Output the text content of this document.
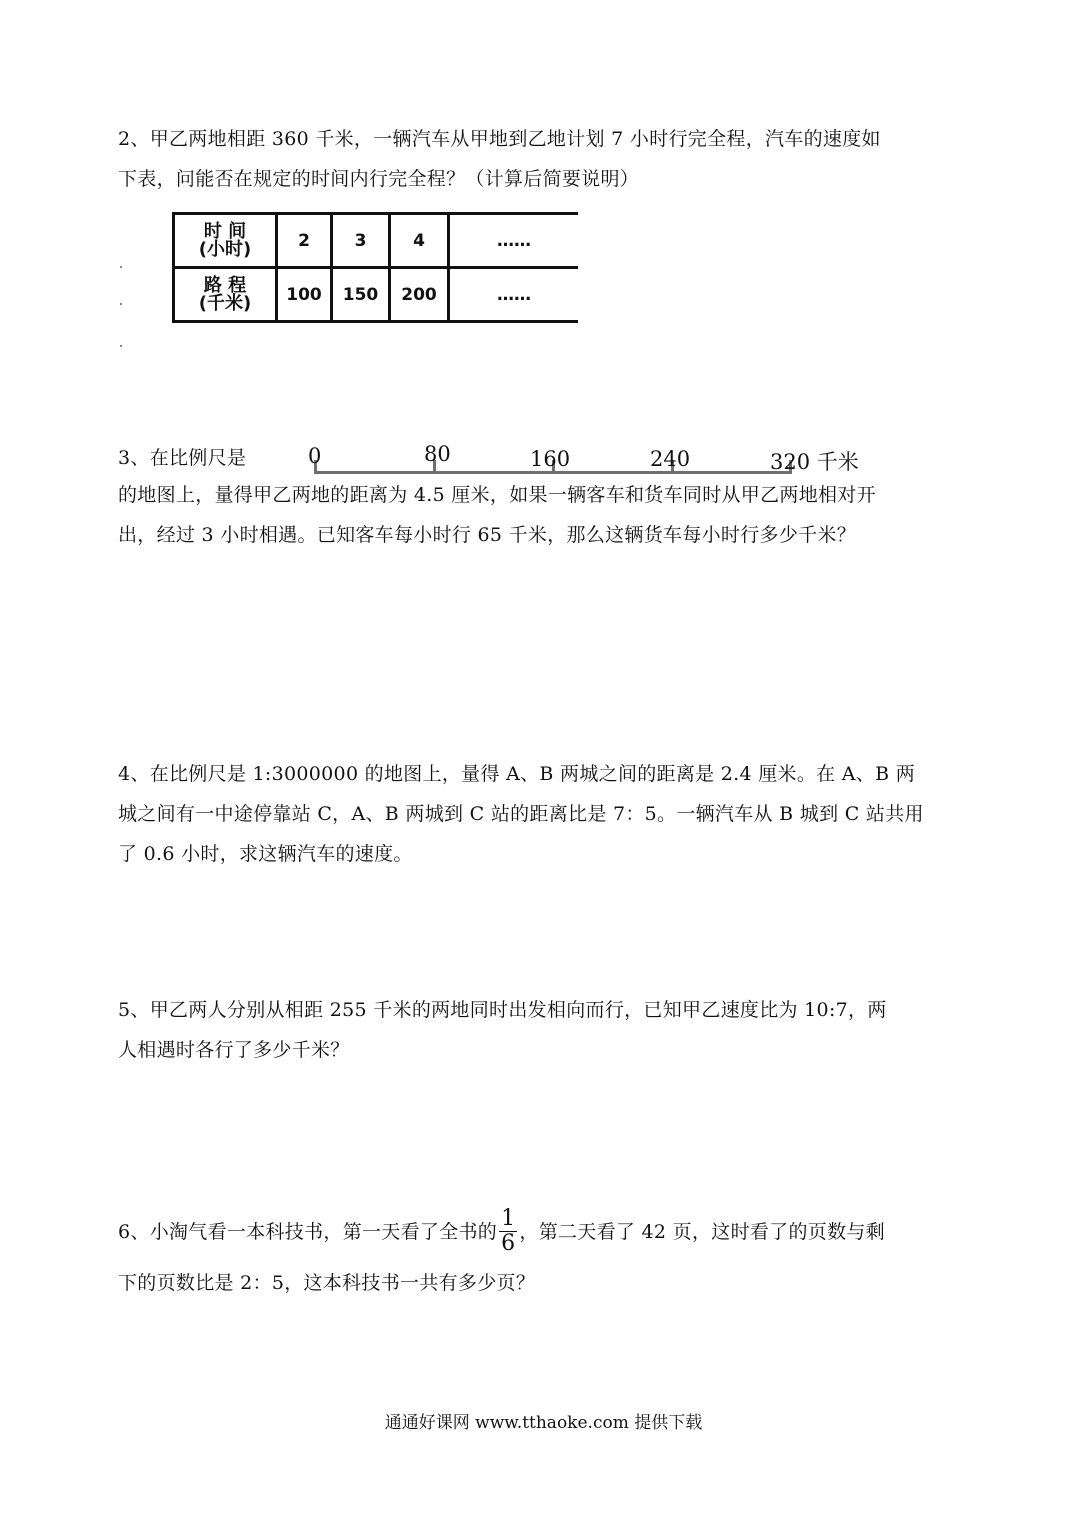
2、甲乙两地相距 360 千米，一辆汽车从甲地到乙地计划 7 小时行完全程，汽车的速度如
下表，问能否在规定的时间内行完全程？（计算后简要说明）
时 间
(小时)	2	3	4	……

路 程
(千米)	100	150	200	……
3、在比例尺是	0	80	160	240	320 千米
的地图上，量得甲乙两地的距离为 4.5 厘米，如果一辆客车和货车同时从甲乙两地相对开
出，经过 3 小时相遇。已知客车每小时行 65 千米，那么这辆货车每小时行多少千米？
4、在比例尺是 1:3000000 的地图上，量得 A、B 两城之间的距离是 2.4 厘米。在 A、B 两
城之间有一中途停靠站 C，A、B 两城到 C 站的距离比是 7：5。一辆汽车从 B 城到 C 站共用
了 0.6 小时，求这辆汽车的速度。
5、甲乙两人分别从相距 255 千米的两地同时出发相向而行，已知甲乙速度比为 10:7，两
人相遇时各行了多少千米？
6、小淘气看一本科技书，第一天看了全书的 $\frac{1}{6}$ ，第二天看了 42 页，这时看了的页数与剩
下的页数比是 2：5，这本科技书一共有多少页？
通通好课网 www.tthaoke.com 提供下载
